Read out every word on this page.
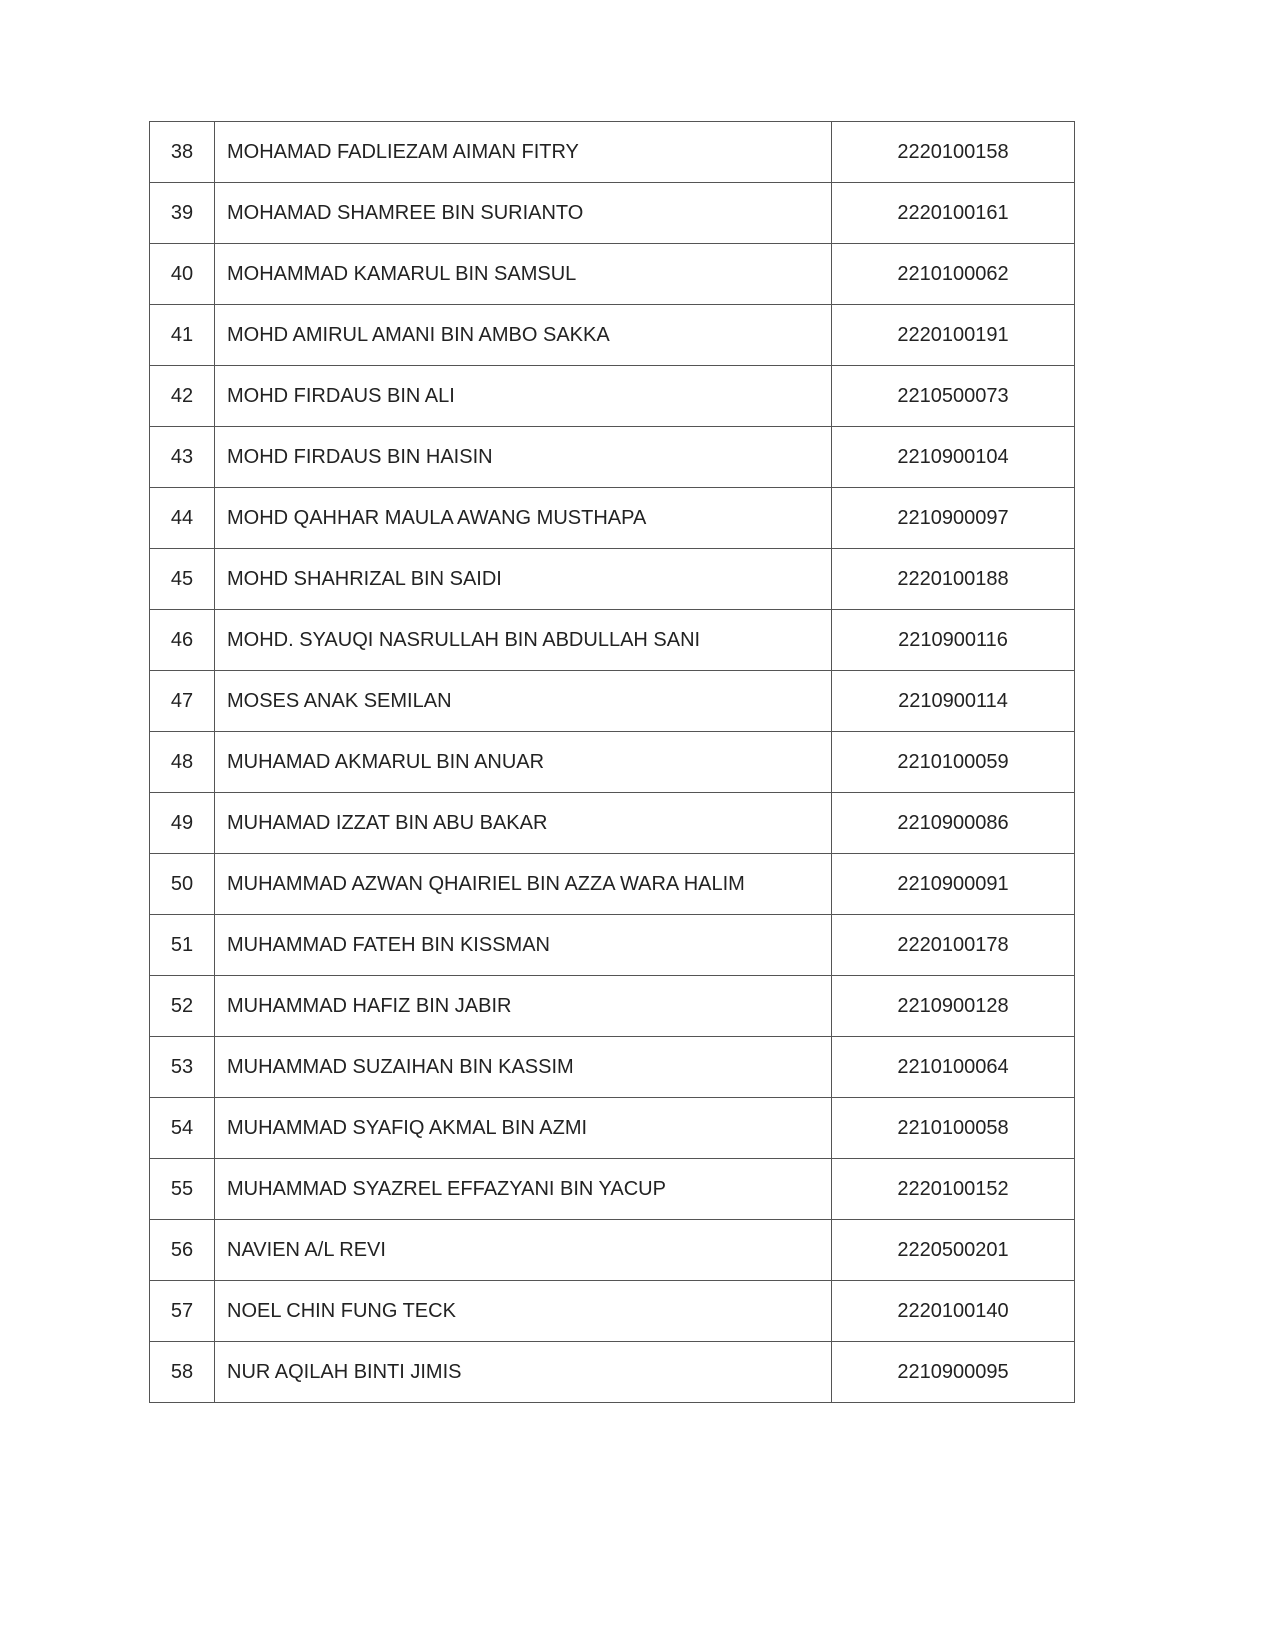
38	MOHAMAD FADLIEZAM AIMAN FITRY	2220100158
39	MOHAMAD SHAMREE BIN SURIANTO	2220100161
40	MOHAMMAD KAMARUL BIN SAMSUL	2210100062
41	MOHD AMIRUL AMANI BIN AMBO SAKKA	2220100191
42	MOHD FIRDAUS BIN ALI	2210500073
43	MOHD FIRDAUS BIN HAISIN	2210900104
44	MOHD QAHHAR MAULA AWANG MUSTHAPA	2210900097
45	MOHD SHAHRIZAL BIN SAIDI	2220100188
46	MOHD. SYAUQI NASRULLAH BIN ABDULLAH SANI	2210900116
47	MOSES ANAK SEMILAN	2210900114
48	MUHAMAD AKMARUL BIN ANUAR	2210100059
49	MUHAMAD IZZAT BIN ABU BAKAR	2210900086
50	MUHAMMAD AZWAN QHAIRIEL BIN AZZA WARA HALIM	2210900091
51	MUHAMMAD FATEH BIN KISSMAN	2220100178
52	MUHAMMAD HAFIZ BIN JABIR	2210900128
53	MUHAMMAD SUZAIHAN BIN KASSIM	2210100064
54	MUHAMMAD SYAFIQ AKMAL BIN AZMI	2210100058
55	MUHAMMAD SYAZREL EFFAZYANI BIN YACUP	2220100152
56	NAVIEN A/L REVI	2220500201
57	NOEL CHIN FUNG TECK	2220100140
58	NUR AQILAH BINTI JIMIS	2210900095
